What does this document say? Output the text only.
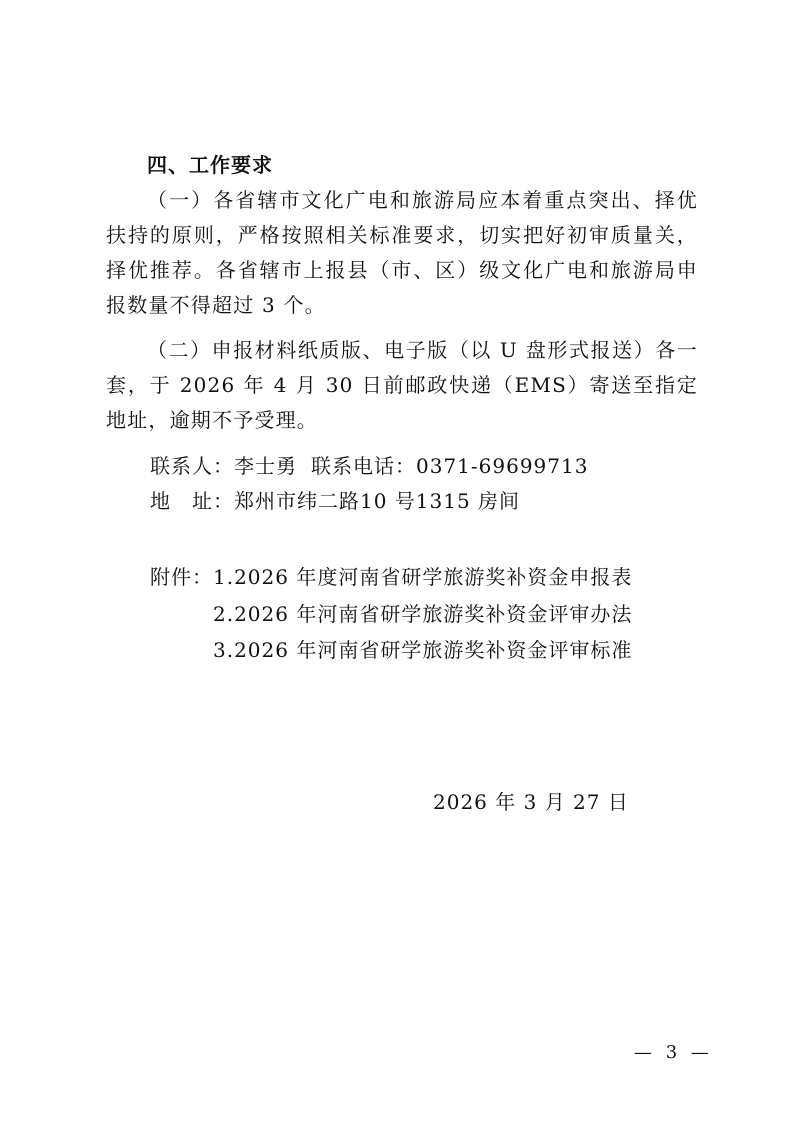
四、工作要求

（一）各省辖市文化广电和旅游局应本着重点突出、择优扶持的原则，严格按照相关标准要求，切实把好初审质量关，择优推荐。各省辖市上报县（市、区）级文化广电和旅游局申报数量不得超过 3 个。

（二）申报材料纸质版、电子版（以 U 盘形式报送）各一套，于 2026 年 4 月 30 日前邮政快递（EMS）寄送至指定地址，逾期不予受理。

联系人：李士勇 联系电话：0371-69699713
地　址：郑州市纬二路10 号1315 房间
附件： 1.2026 年度河南省研学旅游奖补资金申报表
2.2026 年河南省研学旅游奖补资金评审办法
3.2026 年河南省研学旅游奖补资金评审标准
2026 年 3 月 27 日
— 3 —
